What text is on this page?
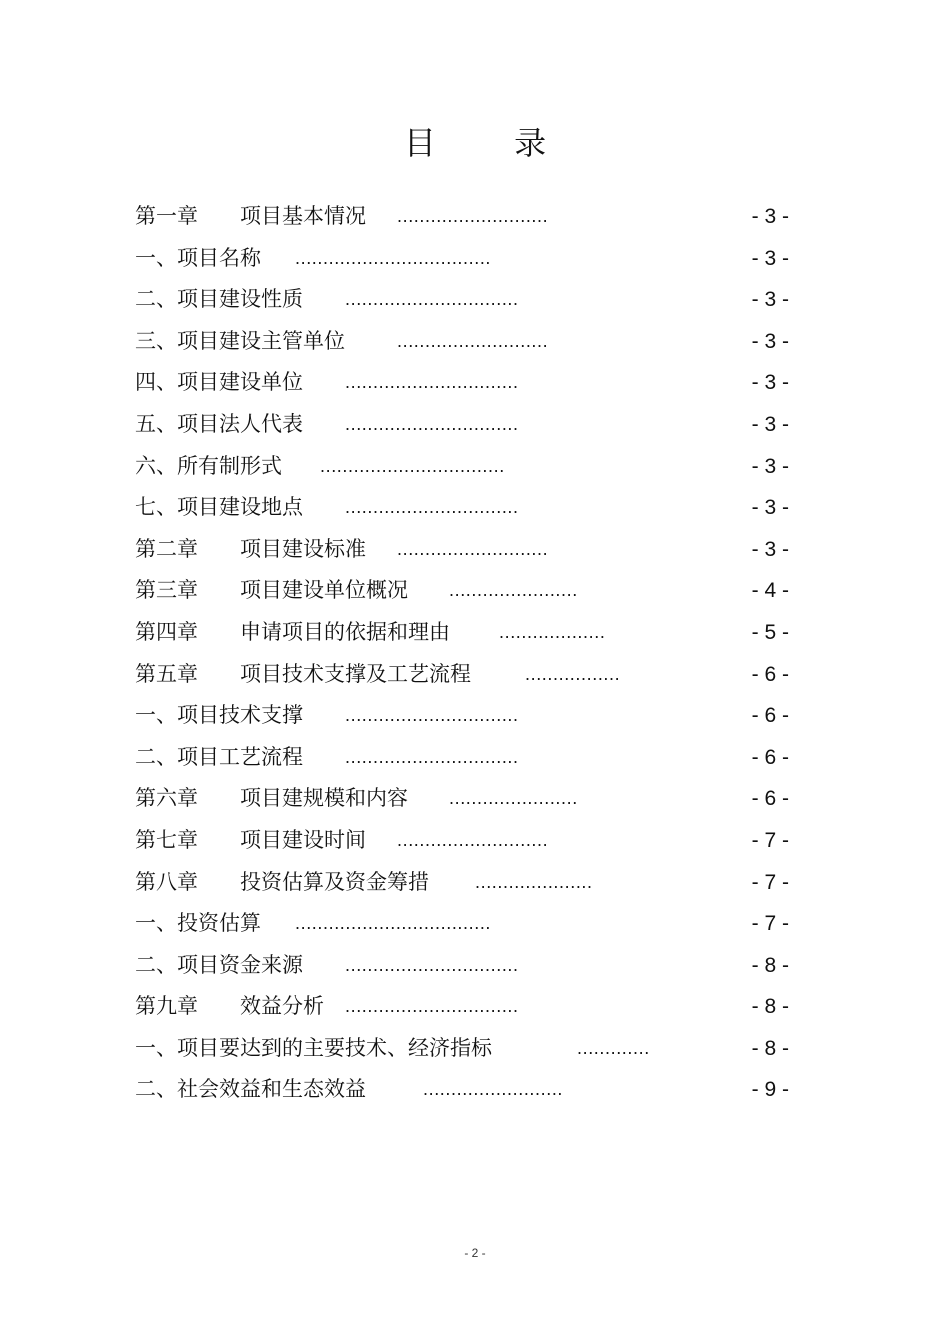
目 录
第一章　　项目基本情况 ...........................	- 3 -
一、项目名称 ...................................	- 3 -
二、项目建设性质 ...............................	- 3 -
三、项目建设主管单位	...........................	- 3 -
四、项目建设单位 ...............................	- 3 -
五、项目法人代表 ...............................	- 3 -
六、所有制形式 .................................	- 3 -
七、项目建设地点 ...............................	- 3 -
第二章　　项目建设标准 ...........................	- 3 -
第三章　　项目建设单位概况 .......................	- 4 -
第四章　　申请项目的依据和理由	...................	- 5 -
第五章　　项目技术支撑及工艺流程	.................	- 6 -
一、项目技术支撑 ...............................	- 6 -
二、项目工艺流程 ...............................	- 6 -
第六章　　项目建规模和内容 .......................	- 6 -
第七章　　项目建设时间 ...........................	- 7 -
第八章　　投资估算及资金筹措	.....................	- 7 -
一、投资估算 ...................................	- 7 -
二、项目资金来源 ...............................	- 8 -
第九章　　效益分析 ...............................	- 8 -
一、项目要达到的主要技术、经济指标	.............	- 8 -
二、社会效益和生态效益	.........................	- 9 -
- 2 -
